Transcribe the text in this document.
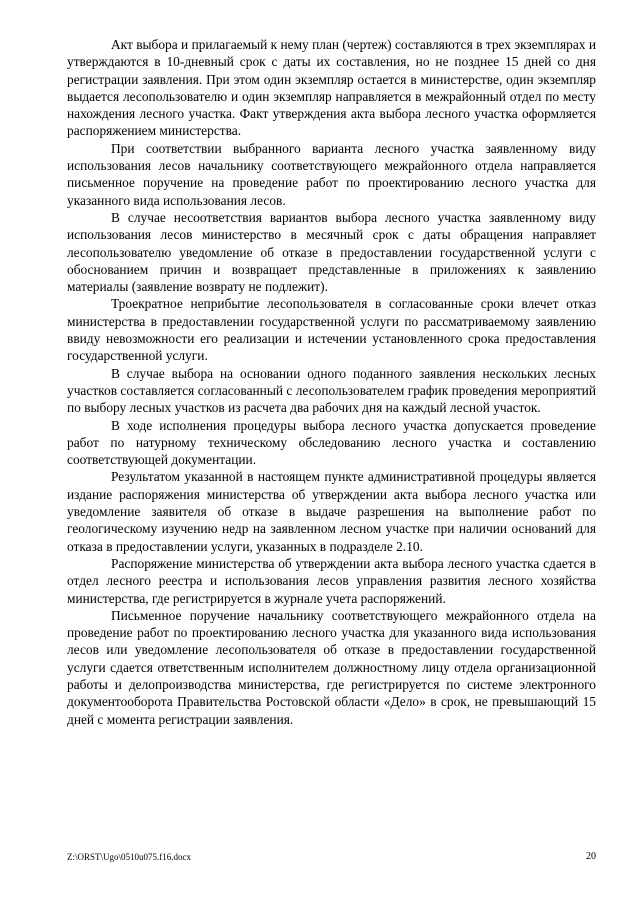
Акт выбора и прилагаемый к нему план (чертеж) составляются в трех экземплярах и утверждаются в 10-дневный срок с даты их составления, но не позднее 15 дней со дня регистрации заявления. При этом один экземпляр остается в министерстве, один экземпляр выдается лесопользователю и один экземпляр направляется в межрайонный отдел по месту нахождения лесного участка. Факт утверждения акта выбора лесного участка оформляется распоряжением министерства.

При соответствии выбранного варианта лесного участка заявленному виду использования лесов начальнику соответствующего межрайонного отдела направляется письменное поручение на проведение работ по проектированию лесного участка для указанного вида использования лесов.

В случае несоответствия вариантов выбора лесного участка заявленному виду использования лесов министерство в месячный срок с даты обращения направляет лесопользователю уведомление об отказе в предоставлении государственной услуги с обоснованием причин и возвращает представленные в приложениях к заявлению материалы (заявление возврату не подлежит).

Троекратное неприбытие лесопользователя в согласованные сроки влечет отказ министерства в предоставлении государственной услуги по рассматриваемому заявлению ввиду невозможности его реализации и истечении установленного срока предоставления государственной услуги.

В случае выбора на основании одного поданного заявления нескольких лесных участков составляется согласованный с лесопользователем график проведения мероприятий по выбору лесных участков из расчета два рабочих дня на каждый лесной участок.

В ходе исполнения процедуры выбора лесного участка допускается проведение работ по натурному техническому обследованию лесного участка и составлению соответствующей документации.

Результатом указанной в настоящем пункте административной процедуры является издание распоряжения министерства об утверждении акта выбора лесного участка или уведомление заявителя об отказе в выдаче разрешения на выполнение работ по геологическому изучению недр на заявленном лесном участке при наличии оснований для отказа в предоставлении услуги, указанных в подразделе 2.10.

Распоряжение министерства об утверждении акта выбора лесного участка сдается в отдел лесного реестра и использования лесов управления развития лесного хозяйства министерства, где регистрируется в журнале учета распоряжений.

Письменное поручение начальнику соответствующего межрайонного отдела на проведение работ по проектированию лесного участка для указанного вида использования лесов или уведомление лесопользователя об отказе в предоставлении государственной услуги сдается ответственным исполнителем должностному лицу отдела организационной работы и делопроизводства министерства, где регистрируется по системе электронного документооборота Правительства Ростовской области «Дело» в срок, не превышающий 15 дней с момента регистрации заявления.

Z:\ORST\Ugo\0510u075.f16.docx	20
